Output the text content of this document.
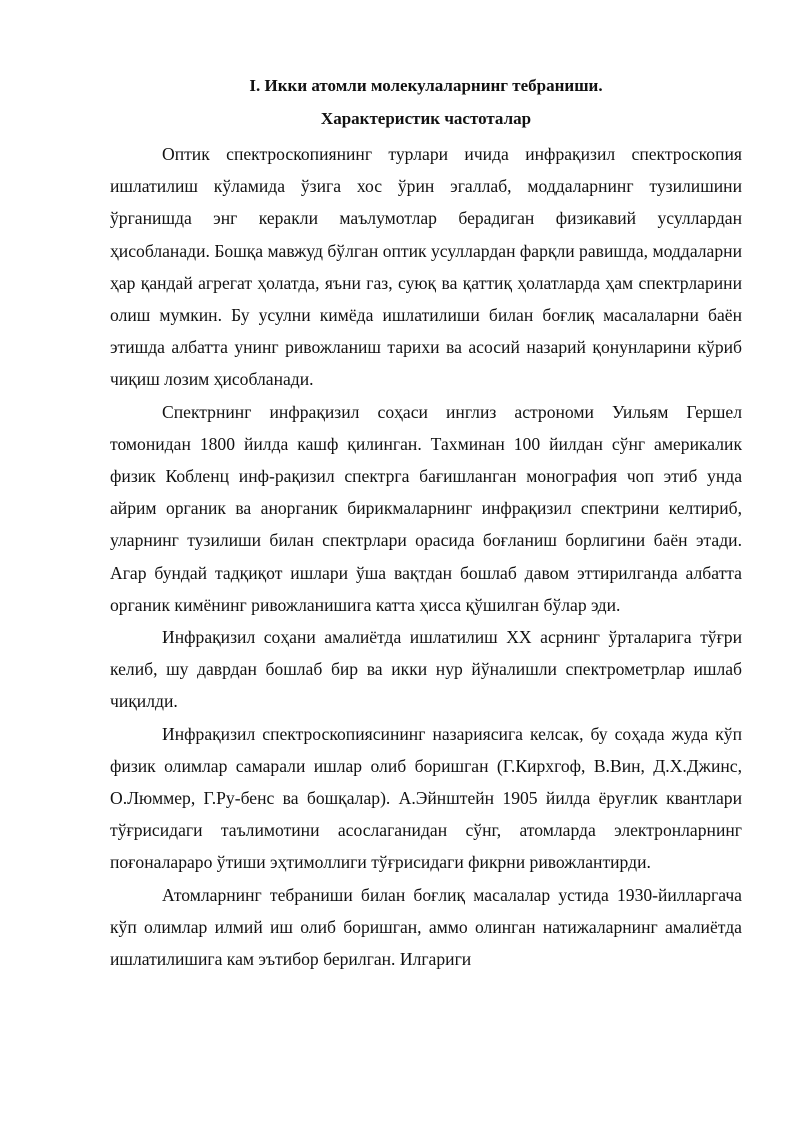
I. Икки атомли молекулаларнинг тебраниши.
Характеристик частоталар

Оптик спектроскопиянинг турлари ичида инфрақизил спектроскопия ишлатилиш кўламида ўзига хос ўрин эгаллаб, моддаларнинг тузилишини ўрганишда энг керакли маълумотлар берадиган физикавий усуллардан ҳисобланади. Бошқа мавжуд бўлган оптик усуллардан фарқли равишда, моддаларни ҳар қандай агрегат ҳолатда, яъни газ, суюқ ва қаттиқ ҳолатларда ҳам спектрларини олиш мумкин. Бу усулни кимёда ишлатилиши билан боғлиқ масалаларни баён этишда албатта унинг ривожланиш тарихи ва асосий назарий қонунларини кўриб чиқиш лозим ҳисобланади.

Спектрнинг инфрақизил соҳаси инглиз астрономи Уильям Гершел томонидан 1800 йилда кашф қилинган. Тахминан 100 йилдан сўнг америкалик физик Кобленц инф-рақизил спектрга бағишланган монография чоп этиб унда айрим органик ва анорганик бирикмаларнинг инфрақизил спектрини келтириб, уларнинг тузилиши билан спектрлари орасида боғланиш борлигини баён этади. Агар бундай тадқиқот ишлари ўша вақтдан бошлаб давом эттирилганда албатта органик кимёнинг ривожланишига катта ҳисса қўшилган бўлар эди.

Инфрақизил соҳани амалиётда ишлатилиш XX асрнинг ўрталарига тўғри келиб, шу даврдан бошлаб бир ва икки нур йўналишли спектрометрлар ишлаб чиқилди.

Инфрақизил спектроскопиясининг назариясига келсак, бу соҳада жуда кўп физик олимлар самарали ишлар олиб боришган (Г.Кирхгоф, В.Вин, Д.Х.Джинс, О.Люммер, Г.Ру-бенс ва бошқалар). А.Эйнштейн 1905 йилда ёруғлик квантлари тўғрисидаги таълимотини асослаганидан сўнг, атомларда электронларнинг поғоналараро ўтиши эҳтимоллиги тўғрисидаги фикрни ривожлантирди.

Атомларнинг тебраниши билан боғлиқ масалалар устида 1930-йилларгача кўп олимлар илмий иш олиб боришган, аммо олинган натижаларнинг амалиётда ишлатилишига кам эътибор берилган. Илгариги
